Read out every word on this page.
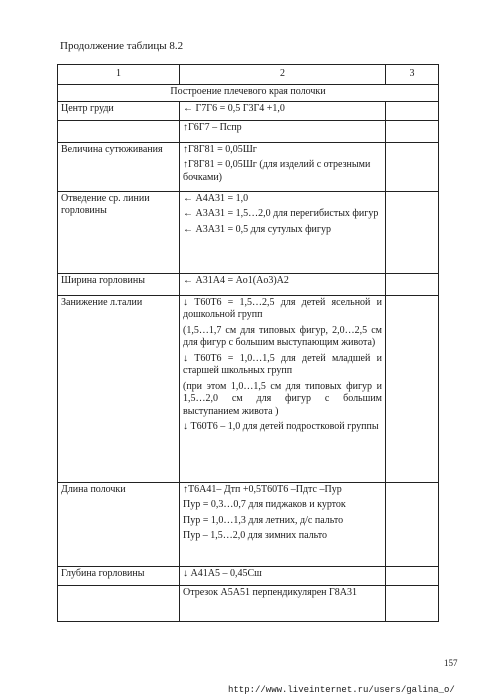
Продолжение таблицы 8.2
1	2	3
Построение плечевого края полочки		
Центр груди	← Г7Г6 = 0,5 Г3Г4 +1,0	

	↑Г6Г7 – Пспр	

Величина сутюживания	↑Г8Г81 = 0,05Шг
↑Г8Г81 = 0,05Шг (для изделий с отрезными бочками)	

Отведение ср. линии горловины	← А4А31 = 1,0
← А3А31 = 1,5…2,0 для перегибистых фигур
← А3А31 = 0,5 для сутулых фигур	

Ширина горловины	← А31А4 = Аo1(Аo3)А2	

Занижение л.талии	↓ Т60Т6 = 1,5…2,5 для детей ясельной и дошкольной групп
(1,5…1,7 см для типовых фигур, 2,0…2,5 см для фигур с большим выступающим живота)
↓ Т60Т6 = 1,0…1,5 для детей младшей и старшей школьных групп
(при этом 1,0…1,5 см для типовых фигур и 1,5…2,0 см для фигур с большим выступанием живота )
↓ Т60Т6 – 1,0 для детей подростковой группы	

Длина полочки	↑Т6А41– Дтп +0,5Т60Т6 –Пдтс –Пур
Пур = 0,3…0,7 для пиджаков и курток
Пур = 1,0…1,3 для летних, д/с пальто
Пур – 1,5…2,0 для зимних пальто	

Глубина горловины	↓ А41А5 – 0,45Сш	

	Отрезок А5А51 перпендикулярен Г8А31	

157
http://www.liveinternet.ru/users/galina_o/
